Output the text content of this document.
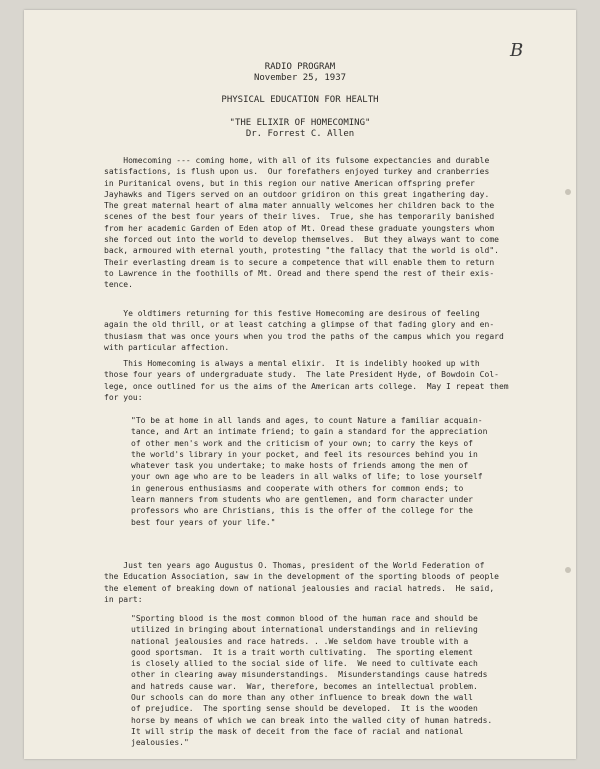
B
RADIO PROGRAM
November 25, 1937
PHYSICAL EDUCATION FOR HEALTH
"THE ELIXIR OF HOMECOMING"
Dr. Forrest C. Allen
Homecoming --- coming home, with all of its fulsome expectancies and durable
satisfactions, is flush upon us.  Our forefathers enjoyed turkey and cranberries
in Puritanical ovens, but in this region our native American offspring prefer
Jayhawks and Tigers served on an outdoor gridiron on this great ingathering day.
The great maternal heart of alma mater annually welcomes her children back to the
scenes of the best four years of their lives.  True, she has temporarily banished
from her academic Garden of Eden atop of Mt. Oread these graduate youngsters whom
she forced out into the world to develop themselves.  But they always want to come
back, armoured with eternal youth, protesting "the fallacy that the world is old".
Their everlasting dream is to secure a competence that will enable them to return
to Lawrence in the foothills of Mt. Oread and there spend the rest of their exis-
tence.
Ye oldtimers returning for this festive Homecoming are desirous of feeling
again the old thrill, or at least catching a glimpse of that fading glory and en-
thusiasm that was once yours when you trod the paths of the campus which you regard
with particular affection.
This Homecoming is always a mental elixir.  It is indelibly hooked up with
those four years of undergraduate study.  The late President Hyde, of Bowdoin Col-
lege, once outlined for us the aims of the American arts college.  May I repeat them
for you:
"To be at home in all lands and ages, to count Nature a familiar acquain-
tance, and Art an intimate friend; to gain a standard for the appreciation
of other men's work and the criticism of your own; to carry the keys of
the world's library in your pocket, and feel its resources behind you in
whatever task you undertake; to make hosts of friends among the men of
your own age who are to be leaders in all walks of life; to lose yourself
in generous enthusiasms and cooperate with others for common ends; to
learn manners from students who are gentlemen, and form character under
professors who are Christians, this is the offer of the college for the
best four years of your life."
Just ten years ago Augustus O. Thomas, president of the World Federation of
the Education Association, saw in the development of the sporting bloods of people
the element of breaking down of national jealousies and racial hatreds.  He said,
in part:
"Sporting blood is the most common blood of the human race and should be
utilized in bringing about international understandings and in relieving
national jealousies and race hatreds. . .We seldom have trouble with a
good sportsman.  It is a trait worth cultivating.  The sporting element
is closely allied to the social side of life.  We need to cultivate each
other in clearing away misunderstandings.  Misunderstandings cause hatreds
and hatreds cause war.  War, therefore, becomes an intellectual problem.
Our schools can do more than any other influence to break down the wall
of prejudice.  The sporting sense should be developed.  It is the wooden
horse by means of which we can break into the walled city of human hatreds.
It will strip the mask of deceit from the face of racial and national
jealousies."
